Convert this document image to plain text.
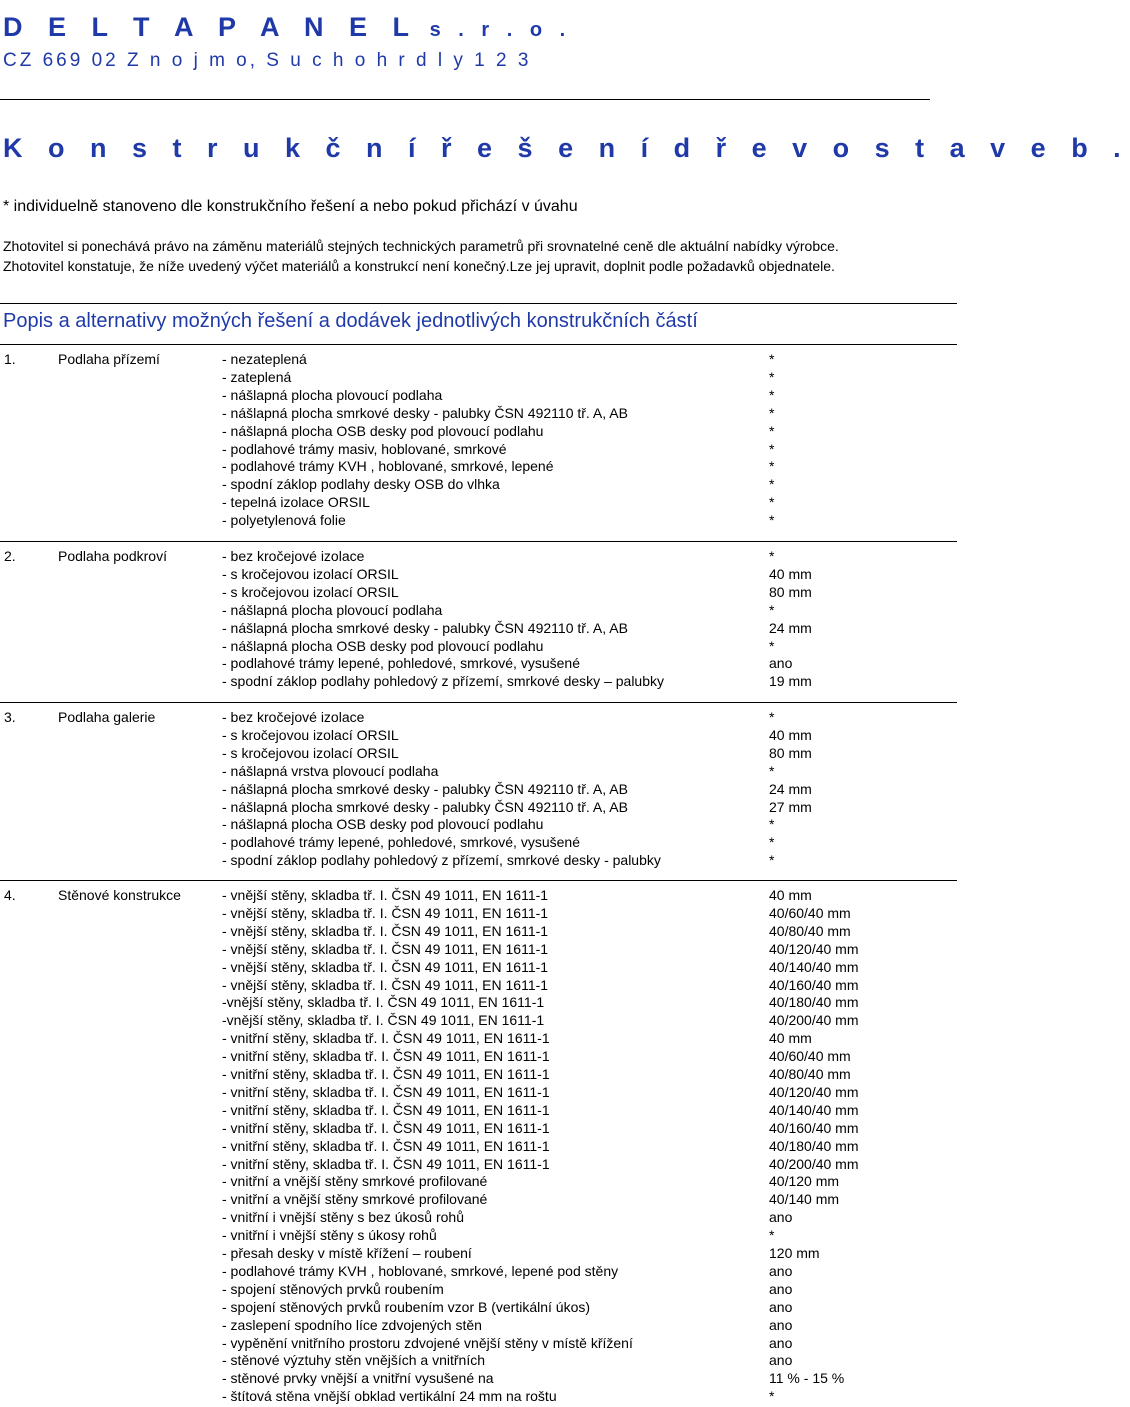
D E L T A P A N E L s . r . o .
CZ 669 02 Z n o j m o, S u c h o h r d l y 1 2 3
K o n s t r u k č n í ř e š e n í d ř e v o s t a v e b .
* individuelně stanoveno dle konstrukčního řešení a nebo pokud přichází v úvahu
Zhotovitel si ponechává právo na záměnu materiálů stejných technických parametrů při srovnatelné ceně dle aktuální nabídky výrobce.
Zhotovitel konstatuje, že níže uvedený výčet materiálů a konstrukcí není konečný.Lze jej upravit, doplnit podle požadavků objednatele.
Popis a alternativy možných řešení a dodávek jednotlivých konstrukčních částí
1.	Podlaha přízemí	- nezateplená	*
- zateplená	*
- nášlapná plocha plovoucí podlaha	*
- nášlapná plocha smrkové desky - palubky ČSN 492110 tř. A, AB	*
- nášlapná plocha OSB desky pod plovoucí podlahu	*
- podlahové trámy masiv, hoblované, smrkové	*
- podlahové trámy KVH , hoblované, smrkové, lepené	*
- spodní záklop podlahy desky OSB do vlhka	*
- tepelná izolace ORSIL	*
- polyetylenová folie	*
2.	Podlaha podkroví	- bez kročejové izolace	*
- s kročejovou izolací ORSIL	40 mm
- s kročejovou izolací ORSIL	80 mm
- nášlapná plocha plovoucí podlaha	*
- nášlapná plocha smrkové desky - palubky ČSN 492110 tř. A, AB	24 mm
- nášlapná plocha OSB desky pod plovoucí podlahu	*
- podlahové trámy lepené, pohledové, smrkové, vysušené	ano
- spodní záklop podlahy pohledový z přízemí, smrkové desky – palubky	19 mm
3.	Podlaha galerie	- bez kročejové izolace	*
- s kročejovou izolací ORSIL	40 mm
- s kročejovou izolací ORSIL	80 mm
- nášlapná vrstva plovoucí podlaha	*
- nášlapná plocha smrkové desky - palubky ČSN 492110 tř. A, AB	24 mm
- nášlapná plocha smrkové desky - palubky ČSN 492110 tř. A, AB	27 mm
- nášlapná plocha OSB desky pod plovoucí podlahu	*
- podlahové trámy lepené, pohledové, smrkové, vysušené	*
- spodní záklop podlahy pohledový z přízemí, smrkové desky - palubky	*
4.	Stěnové konstrukce	- vnější stěny, skladba tř. I. ČSN 49 1011, EN 1611-1	40 mm
- vnější stěny, skladba tř. I. ČSN 49 1011, EN 1611-1	40/60/40 mm
- vnější stěny, skladba tř. I. ČSN 49 1011, EN 1611-1	40/80/40 mm
- vnější stěny, skladba tř. I. ČSN 49 1011, EN 1611-1	40/120/40 mm
- vnější stěny, skladba tř. I. ČSN 49 1011, EN 1611-1	40/140/40 mm
- vnější stěny, skladba tř. I. ČSN 49 1011, EN 1611-1	40/160/40 mm
-vnější stěny, skladba tř. I. ČSN 49 1011, EN 1611-1	40/180/40 mm
-vnější stěny, skladba tř. I. ČSN 49 1011, EN 1611-1	40/200/40 mm
- vnitřní stěny, skladba tř. I. ČSN 49 1011, EN 1611-1	40 mm
- vnitřní stěny, skladba tř. I. ČSN 49 1011, EN 1611-1	40/60/40 mm
- vnitřní stěny, skladba tř. I. ČSN 49 1011, EN 1611-1	40/80/40 mm
- vnitřní stěny, skladba tř. I. ČSN 49 1011, EN 1611-1	40/120/40 mm
- vnitřní stěny, skladba tř. I. ČSN 49 1011, EN 1611-1	40/140/40 mm
- vnitřní stěny, skladba tř. I. ČSN 49 1011, EN 1611-1	40/160/40 mm
- vnitřní stěny, skladba tř. I. ČSN 49 1011, EN 1611-1	40/180/40 mm
- vnitřní stěny, skladba tř. I. ČSN 49 1011, EN 1611-1	40/200/40 mm
- vnitřní a vnější stěny smrkové profilované	40/120 mm
- vnitřní a vnější stěny smrkové profilované	40/140 mm
- vnitřní i vnější stěny s bez úkosů rohů	ano
- vnitřní i vnější stěny s úkosy rohů	*
- přesah desky v místě křížení – roubení	120 mm
- podlahové trámy KVH , hoblované, smrkové, lepené pod stěny	ano
- spojení stěnových prvků roubením	ano
- spojení stěnových prvků roubením vzor B (vertikální úkos)	ano
- zaslepení spodního líce zdvojených stěn	ano
- vypěnění vnitřního prostoru zdvojené vnější stěny v místě křížení	ano
- stěnové výztuhy stěn vnějších a vnitřních	ano
- stěnové prvky vnější a vnitřní vysušené na	11 % - 15 %
- štítová stěna vnější obklad vertikální 24 mm na roštu	*
